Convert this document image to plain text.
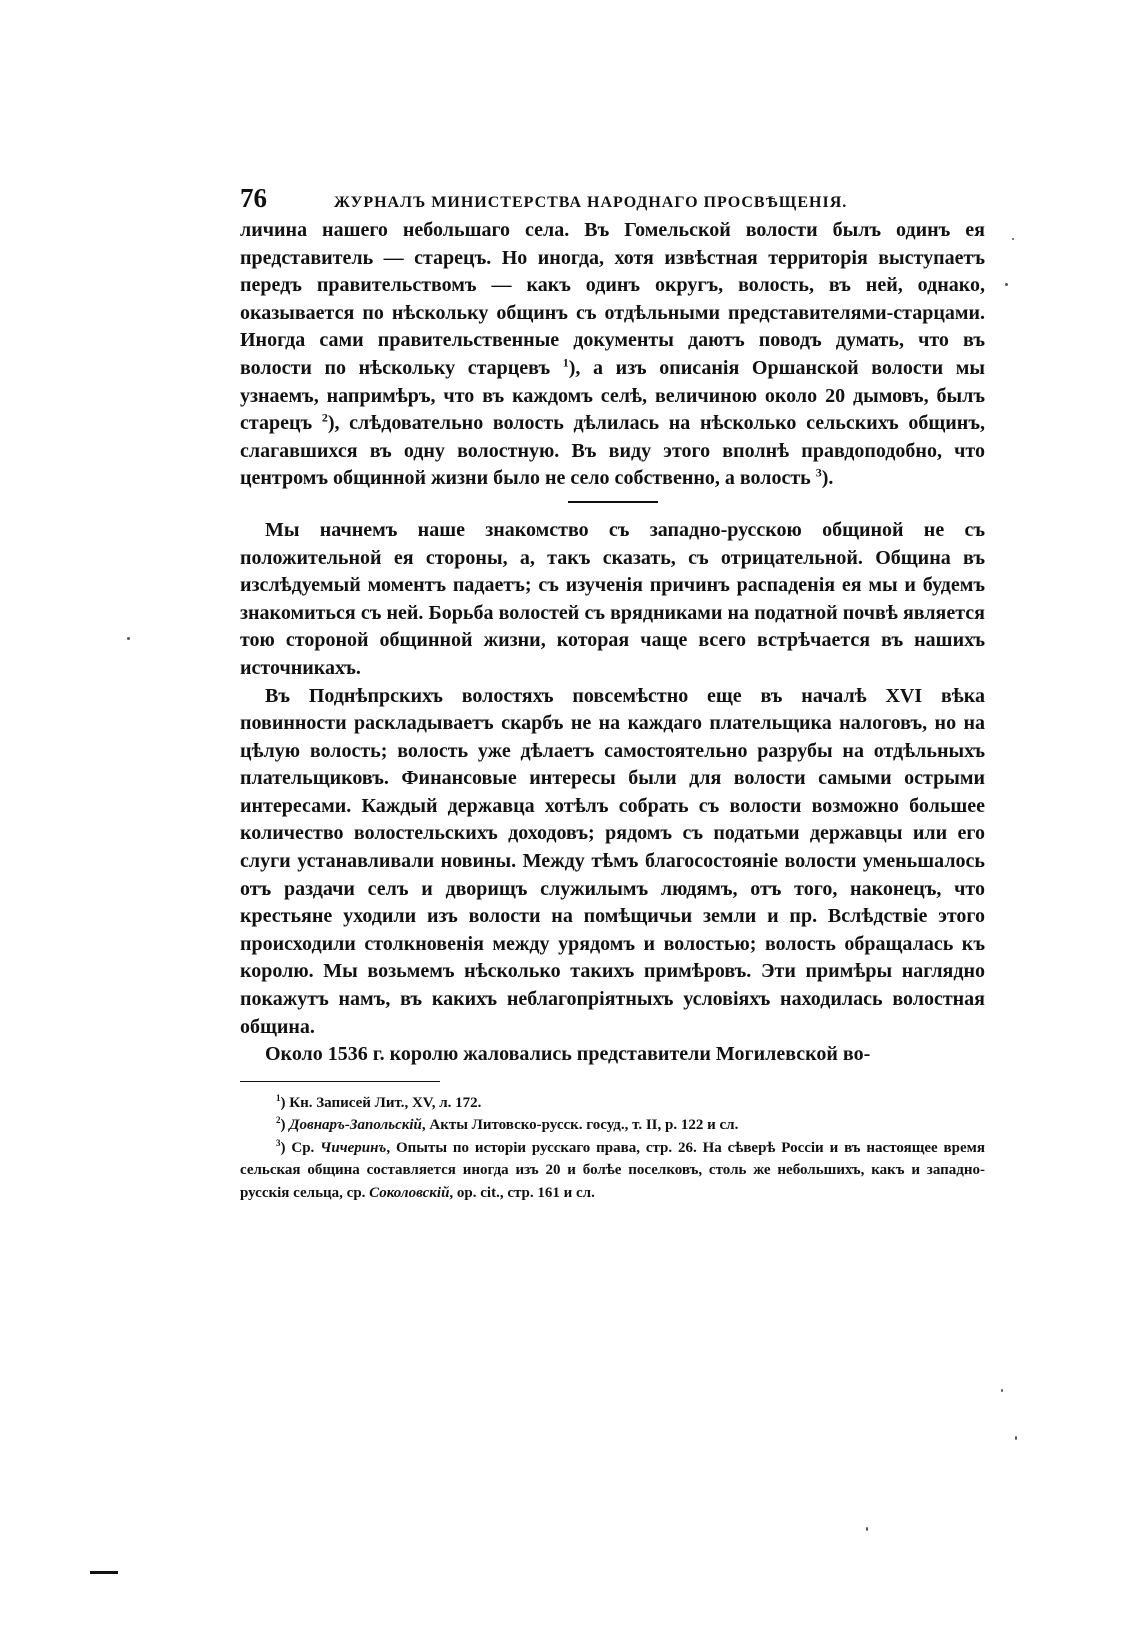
76	ЖУРНАЛЪ МИНИСТЕРСТВА НАРОДНАГО ПРОСВѢЩЕНІЯ.

личина нашего небольшаго села. Въ Гомельской волости былъ одинъ ея представитель — старецъ. Но иногда, хотя извѣстная территорія выступаетъ передъ правительствомъ — какъ одинъ округъ, волость, въ ней, однако, оказывается по нѣскольку общинъ съ отдѣльными представителями-старцами. Иногда сами правительственные документы даютъ поводъ думать, что въ волости по нѣскольку старцевъ $^1$), а изъ описанія Оршанской волости мы узнаемъ, напримѣръ, что въ каждомъ селѣ, величиною около 20 дымовъ, былъ старецъ $^2$), слѣдовательно волость дѣлилась на нѣсколько сельскихъ общинъ, слагавшихся въ одну волостную. Въ виду этого вполнѣ правдоподобно, что центромъ общинной жизни было не село собственно, а волость $^3$).

Мы начнемъ наше знакомство съ западно-русскою общиной не съ положительной ея стороны, а, такъ сказать, съ отрицательной. Община въ изслѣдуемый моментъ падаетъ; съ изученія причинъ распаденія ея мы и будемъ знакомиться съ ней. Борьба волостей съ врядниками на податной почвѣ является тою стороной общинной жизни, которая чаще всего встрѣчается въ нашихъ источникахъ.

Въ Поднѣпрскихъ волостяхъ повсемѣстно еще въ началѣ XVI вѣка повинности раскладываетъ скарбъ не на каждаго плательщика налоговъ, но на цѣлую волость; волость уже дѣлаетъ самостоятельно разрубы на отдѣльныхъ плательщиковъ. Финансовые интересы были для волости самыми острыми интересами. Каждый державца хотѣлъ собрать съ волости возможно большее количество волостельскихъ доходовъ; рядомъ съ податьми державцы или его слуги устанавливали новины. Между тѣмъ благосостояніе волости уменьшалось отъ раздачи селъ и дворищъ служилымъ людямъ, отъ того, наконецъ, что крестьяне уходили изъ волости на помѣщичьи земли и пр. Вслѣдствіе этого происходили столкновенія между урядомъ и волостью; волость обращалась къ королю. Мы возьмемъ нѣсколько такихъ примѣровъ. Эти примѣры наглядно покажутъ намъ, въ какихъ неблагопріятныхъ условіяхъ находилась волостная община.

Около 1536 г. королю жаловались представители Могилевской во-

$^1$) Кн. Записей Лит., XV, л. 172.

$^2$) Довнаръ-Запольскій, Акты Литовско-русск. госуд., т. II, р. 122 и сл.

$^3$) Ср. Чичеринъ, Опыты по исторіи русскаго права, стр. 26. На сѣверѣ Россіи и въ настоящее время сельская община составляется иногда изъ 20 и болѣе поселковъ, столь же небольшихъ, какъ и западно-русскія сельца, ср. Соколовскій, op. cit., стр. 161 и сл.
